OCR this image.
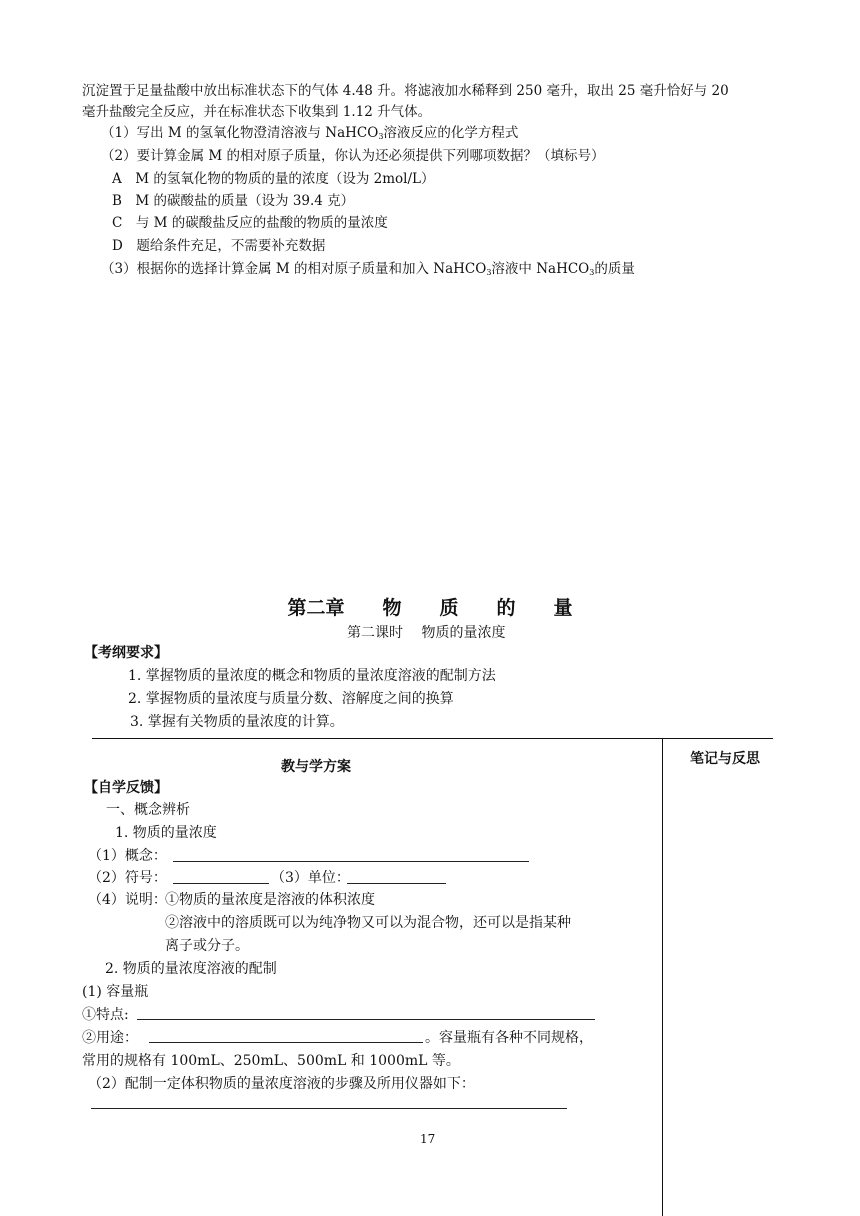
沉淀置于足量盐酸中放出标准状态下的气体 4.48 升。将滤液加水稀释到 250 毫升，取出 25 毫升恰好与 20
毫升盐酸完全反应，并在标准状态下收集到 1.12 升气体。
（1）写出 M 的氢氧化物澄清溶液与 NaHCO$_3$溶液反应的化学方程式
（2）要计算金属 M 的相对原子质量，你认为还必须提供下列哪项数据？（填标号）
A　M 的氢氧化物的物质的量的浓度（设为 2mol/L）
B　M 的碳酸盐的质量（设为 39.4 克）
C　与 M 的碳酸盐反应的盐酸的物质的量浓度
D　题给条件充足，不需要补充数据
（3）根据你的选择计算金属 M 的相对原子质量和加入 NaHCO$_3$溶液中 NaHCO$_3$的质量
第二章　　物　　质　　的　　量
第二课时　 物质的量浓度
【考纲要求】
1. 掌握物质的量浓度的概念和物质的量浓度溶液的配制方法
2. 掌握物质的量浓度与质量分数、溶解度之间的换算
3. 掌握有关物质的量浓度的计算。
教与学方案	笔记与反思
【自学反馈】
一、概念辨析
1. 物质的量浓度
（1）概念：
（2）符号：	（3）单位：
（4）说明：
①物质的量浓度是溶液的体积浓度
②溶液中的溶质既可以为纯净物又可以为混合物，还可以是指某种
离子或分子。
2. 物质的量浓度溶液的配制
(1) 容量瓶
①特点:
②用途：	。容量瓶有各种不同规格，
常用的规格有 100mL、250mL、500mL 和 1000mL 等。
（2）配制一定体积物质的量浓度溶液的步骤及所用仪器如下：
17
